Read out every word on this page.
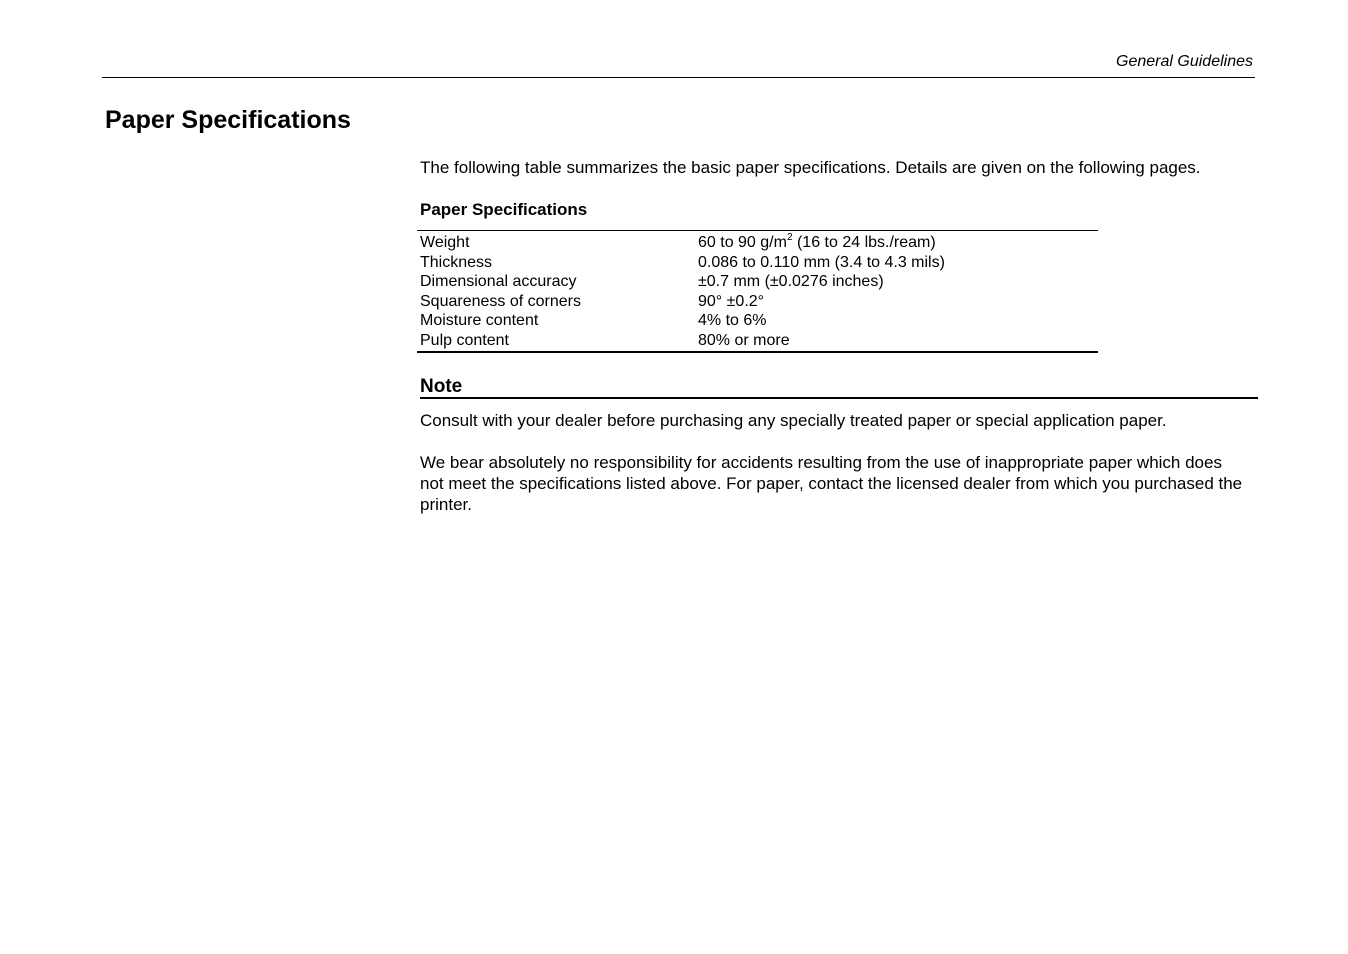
General Guidelines
Paper Specifications

The following table summarizes the basic paper specifications. Details are given on the following pages.

Paper Specifications

Weight	60 to 90 $g/m^2$ (16 to 24 lbs./ream)
Thickness	0.086 to 0.110 mm (3.4 to 4.3 mils)
Dimensional accuracy	±0.7 mm (±0.0276 inches)
Squareness of corners	90° ±0.2°
Moisture content	4% to 6%
Pulp content	80% or more
Note

Consult with your dealer before purchasing any specially treated paper or special application paper.

We bear absolutely no responsibility for accidents resulting from the use of inappropriate paper which does not meet the specifications listed above. For paper, contact the licensed dealer from which you purchased the printer.
